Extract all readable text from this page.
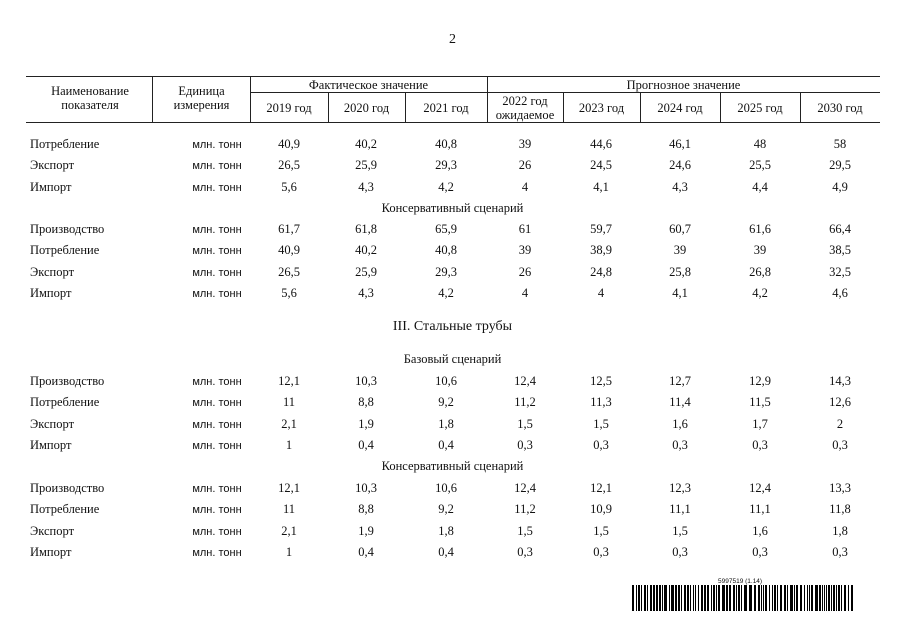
2
Наименование показателя
Единица измерения
Фактическое значение	Прогнозное значение
2019 год	2020 год	2021 год	2022 год ожидаемое	2023 год	2024 год	2025 год	2030 год
Потребление	млн. тонн	40,9	40,2	40,8	39	44,6	46,1	48	58
Экспорт	млн. тонн	26,5	25,9	29,3	26	24,5	24,6	25,5	29,5
Импорт	млн. тонн	5,6	4,3	4,2	4	4,1	4,3	4,4	4,9
Консервативный сценарий
Производство	млн. тонн	61,7	61,8	65,9	61	59,7	60,7	61,6	66,4
Потребление	млн. тонн	40,9	40,2	40,8	39	38,9	39	39	38,5
Экспорт	млн. тонн	26,5	25,9	29,3	26	24,8	25,8	26,8	32,5
Импорт	млн. тонн	5,6	4,3	4,2	4	4	4,1	4,2	4,6
Базовый сценарий
Производство	млн. тонн	12,1	10,3	10,6	12,4	12,5	12,7	12,9	14,3
Потребление	млн. тонн	11	8,8	9,2	11,2	11,3	11,4	11,5	12,6
Экспорт	млн. тонн	2,1	1,9	1,8	1,5	1,5	1,6	1,7	2
Импорт	млн. тонн	1	0,4	0,4	0,3	0,3	0,3	0,3	0,3
Консервативный сценарий
Производство	млн. тонн	12,1	10,3	10,6	12,4	12,1	12,3	12,4	13,3
Потребление	млн. тонн	11	8,8	9,2	11,2	10,9	11,1	11,1	11,8
Экспорт	млн. тонн	2,1	1,9	1,8	1,5	1,5	1,5	1,6	1,8
Импорт	млн. тонн	1	0,4	0,4	0,3	0,3	0,3	0,3	0,3
III. Стальные трубы
5997519 (1.14)
